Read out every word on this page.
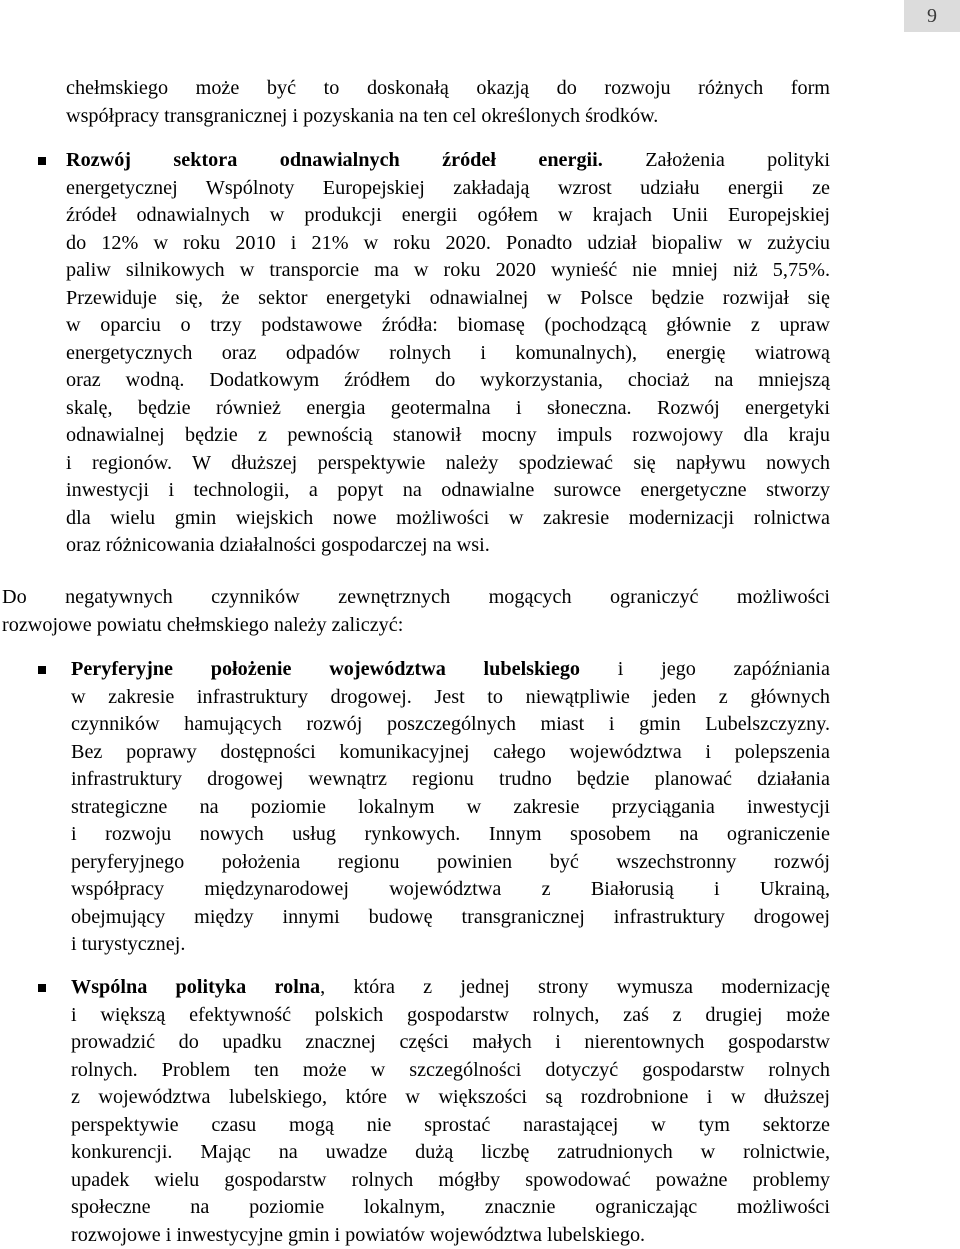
9
chełmskiego może być to doskonałą okazją do rozwoju różnych form
współpracy transgranicznej i pozyskania na ten cel określonych środków.
Rozwój sektora odnawialnych źródeł energii. Założenia polityki
energetycznej Wspólnoty Europejskiej zakładają wzrost udziału energii ze
źródeł odnawialnych w produkcji energii ogółem w krajach Unii Europejskiej
do 12% w roku 2010 i 21% w roku 2020. Ponadto udział biopaliw w zużyciu
paliw silnikowych w transporcie ma w roku 2020 wynieść nie mniej niż 5,75%.
Przewiduje się, że sektor energetyki odnawialnej w Polsce będzie rozwijał się
w oparciu o trzy podstawowe źródła: biomasę (pochodzącą głównie z upraw
energetycznych oraz odpadów rolnych i komunalnych), energię wiatrową
oraz wodną. Dodatkowym źródłem do wykorzystania, chociaż na mniejszą
skalę, będzie również energia geotermalna i słoneczna. Rozwój energetyki
odnawialnej będzie z pewnością stanowił mocny impuls rozwojowy dla kraju
i regionów. W dłuższej perspektywie należy spodziewać się napływu nowych
inwestycji i technologii, a popyt na odnawialne surowce energetyczne stworzy
dla wielu gmin wiejskich nowe możliwości w zakresie modernizacji rolnictwa
oraz różnicowania działalności gospodarczej na wsi.
Do negatywnych czynników zewnętrznych mogących ograniczyć możliwości
rozwojowe powiatu chełmskiego należy zaliczyć:
Peryferyjne położenie województwa lubelskiego i jego zapóźniania
w zakresie infrastruktury drogowej. Jest to niewątpliwie jeden z głównych
czynników hamujących rozwój poszczególnych miast i gmin Lubelszczyzny.
Bez poprawy dostępności komunikacyjnej całego województwa i polepszenia
infrastruktury drogowej wewnątrz regionu trudno będzie planować działania
strategiczne na poziomie lokalnym w zakresie przyciągania inwestycji
i rozwoju nowych usług rynkowych. Innym sposobem na ograniczenie
peryferyjnego położenia regionu powinien być wszechstronny rozwój
współpracy międzynarodowej województwa z Białorusią i Ukrainą,
obejmujący między innymi budowę transgranicznej infrastruktury drogowej
i turystycznej.
Wspólna polityka rolna, która z jednej strony wymusza modernizację
i większą efektywność polskich gospodarstw rolnych, zaś z drugiej może
prowadzić do upadku znacznej części małych i nierentownych gospodarstw
rolnych. Problem ten może w szczególności dotyczyć gospodarstw rolnych
z województwa lubelskiego, które w większości są rozdrobnione i w dłuższej
perspektywie czasu mogą nie sprostać narastającej w tym sektorze
konkurencji. Mając na uwadze dużą liczbę zatrudnionych w rolnictwie,
upadek wielu gospodarstw rolnych mógłby spowodować poważne problemy
społeczne na poziomie lokalnym, znacznie ograniczając możliwości
rozwojowe i inwestycyjne gmin i powiatów województwa lubelskiego.
